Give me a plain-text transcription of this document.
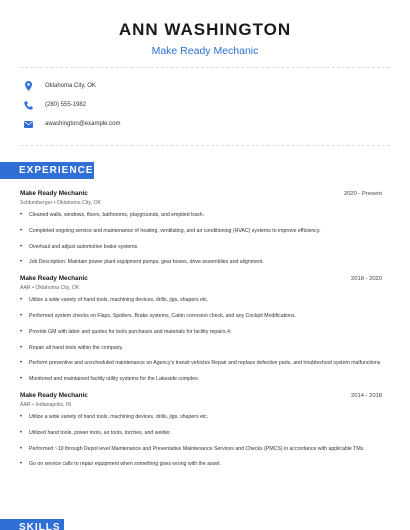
ANN WASHINGTON
Make Ready Mechanic
Oklahoma City, OK
(280) 555-1982
awashington@example.com
EXPERIENCE
Make Ready Mechanic	2020 - Present
Schlumberger • Oklahoma City, OK
• Cleaned walls, windows, floors, bathrooms, playgrounds, and emptied trash.
• Completed ongoing service and maintenance of heating, ventilating, and air conditioning (HVAC) systems to improve efficiency.
• Overhaul and adjust automotive brake systems.
• Job Description: Maintain power plant equipment pumps, gear boxes, drive assemblies and alignment.
Make Ready Mechanic	2018 - 2020
AAR • Oklahoma City, OK
• Utilize a wide variety of hand tools, machining devices, drills, jigs, shapers etc.
• Performed system checks on Flaps, Spoilers, Brake systems, Cabin corrosion check, and any Cockpit Modifications.
• Provide GM with labor and quotes for tools purchases and materials for facility repairs.4.
• Repair all hand tools within the company.
• Perform preventive and unscheduled maintenance on Agency's transit vehicles Repair and replace defective parts, and troubleshoot system malfunctions
• Monitored and maintained facility utility systems for the Lakeside complex.
Make Ready Mechanic	2014 - 2018
AAR • Indianapolis, IN
• Utilize a wide variety of hand tools, machining devices, drills, jigs, shapers etc.
• Utilized hand tools, power tools, air tools, torches, and welder.
• Performed ~10 through Depot level Maintenance and Preventative Maintenance Services and Checks (PMCS) in accordance with applicable TMs.
• Go on service calls to repair equipment when something goes wrong with the asset.
SKILLS
